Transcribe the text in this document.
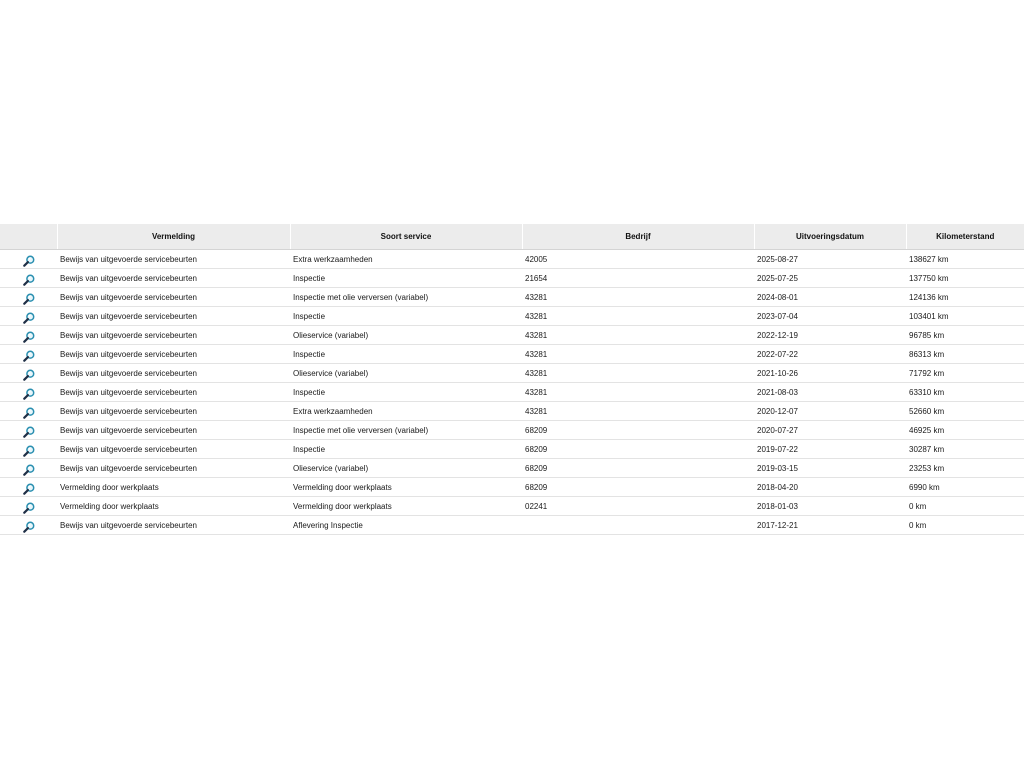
	Vermelding	Soort service	Bedrijf	Uitvoeringsdatum	Kilometerstand

	Bewijs van uitgevoerde servicebeurten	Extra werkzaamheden	42005	2025-08-27	138627 km

	Bewijs van uitgevoerde servicebeurten	Inspectie	21654	2025-07-25	137750 km

	Bewijs van uitgevoerde servicebeurten	Inspectie met olie verversen (variabel)	43281	2024-08-01	124136 km

	Bewijs van uitgevoerde servicebeurten	Inspectie	43281	2023-07-04	103401 km

	Bewijs van uitgevoerde servicebeurten	Olieservice (variabel)	43281	2022-12-19	96785 km

	Bewijs van uitgevoerde servicebeurten	Inspectie	43281	2022-07-22	86313 km

	Bewijs van uitgevoerde servicebeurten	Olieservice (variabel)	43281	2021-10-26	71792 km

	Bewijs van uitgevoerde servicebeurten	Inspectie	43281	2021-08-03	63310 km

	Bewijs van uitgevoerde servicebeurten	Extra werkzaamheden	43281	2020-12-07	52660 km

	Bewijs van uitgevoerde servicebeurten	Inspectie met olie verversen (variabel)	68209	2020-07-27	46925 km

	Bewijs van uitgevoerde servicebeurten	Inspectie	68209	2019-07-22	30287 km

	Bewijs van uitgevoerde servicebeurten	Olieservice (variabel)	68209	2019-03-15	23253 km

	Vermelding door werkplaats	Vermelding door werkplaats	68209	2018-04-20	6990 km

	Vermelding door werkplaats	Vermelding door werkplaats	02241	2018-01-03	0 km

	Bewijs van uitgevoerde servicebeurten	Aflevering Inspectie		2017-12-21	0 km
